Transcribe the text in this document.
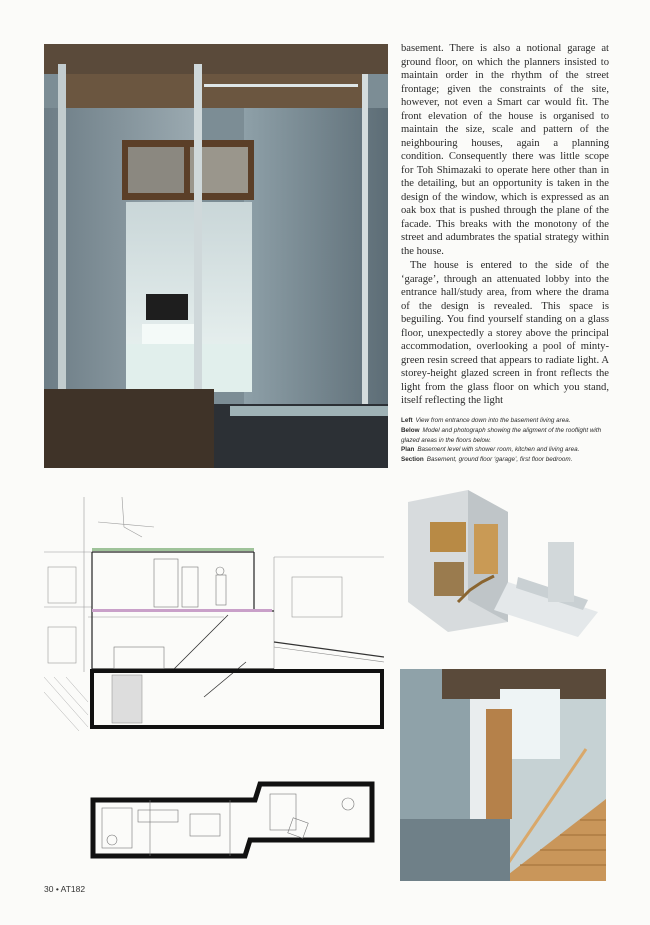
basement. There is also a notional garage at ground floor, on which the planners insisted to maintain order in the rhythm of the street frontage; given the constraints of the site, however, not even a Smart car would fit. The front elevation of the house is organised to maintain the size, scale and pattern of the neighbouring houses, again a planning condition. Consequently there was little scope for Toh Shimazaki to operate here other than in the detailing, but an opportunity is taken in the design of the window, which is expressed as an oak box that is pushed through the plane of the facade. This breaks with the monotony of the street and adumbrates the spatial strategy within the house.

The house is entered to the side of the ‘garage’, through an attenuated lobby into the entrance hall/study area, from where the drama of the design is revealed. This space is beguiling. You find yourself standing on a glass floor, unexpectedly a storey above the principal accommodation, overlooking a pool of minty-green resin screed that appears to radiate light. A storey-height glazed screen in front reflects the light from the glass floor on which you stand, itself reflecting the light

Left View from entrance down into the basement living area.
Below Model and photograph showing the aligment of the rooflight with glazed areas in the floors below.
Plan Basement level with shower room, kitchen and living area.
Section Basement, ground floor ‘garage’, first floor bedroom.
30 • AT182
